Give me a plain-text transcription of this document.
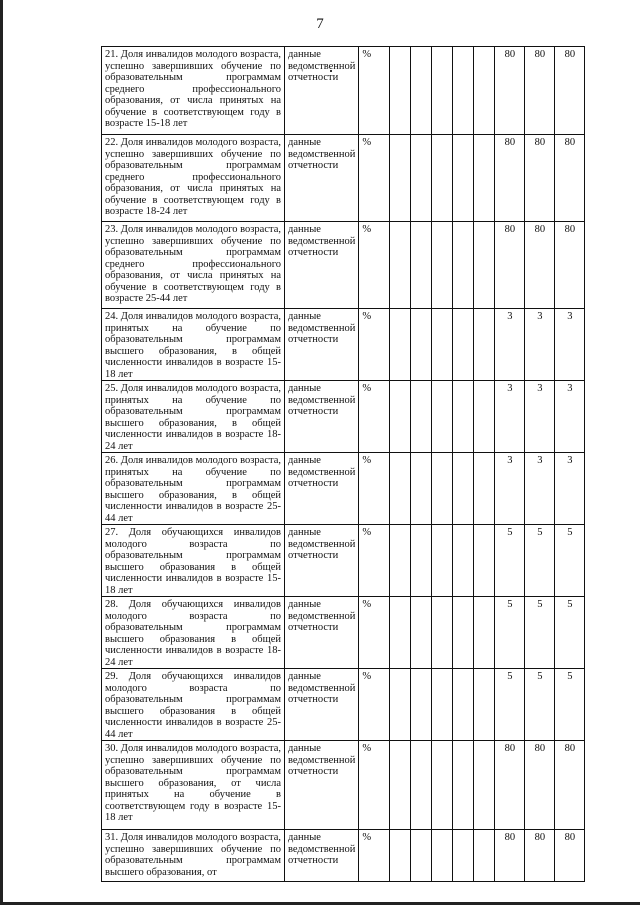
7
21. Доля инвалидов молодого возраста, успешно завершивших обучение по образовательным программам среднего профессионального образования, от числа принятых на обучение в соответствующем году в возрасте 15-18 лет	данные ведомственной отчетности	%						80	80	80
22. Доля инвалидов молодого возраста, успешно завершивших обучение по образовательным программам среднего профессионального образования, от числа принятых на обучение в соответствующем году в возрасте 18-24 лет	данные ведомственной отчетности	%						80	80	80
23. Доля инвалидов молодого возраста, успешно завершивших обучение по образовательным программам среднего профессионального образования, от числа принятых на обучение в соответствующем году в возрасте 25-44 лет	данные ведомственной отчетности	%						80	80	80
24. Доля инвалидов молодого возраста, принятых на обучение по образовательным программам высшего образования, в общей численности инвалидов в возрасте 15-18 лет	данные ведомственной отчетности	%						3	3	3
25. Доля инвалидов молодого возраста, принятых на обучение по образовательным программам высшего образования, в общей численности инвалидов в возрасте 18-24 лет	данные ведомственной отчетности	%						3	3	3
26. Доля инвалидов молодого возраста, принятых на обучение по образовательным программам высшего образования, в общей численности инвалидов в возрасте 25-44 лет	данные ведомственной отчетности	%						3	3	3
27. Доля обучающихся инвалидов молодого возраста по образовательным программам высшего образования в общей численности инвалидов в возрасте 15-18 лет	данные ведомственной отчетности	%						5	5	5
28. Доля обучающихся инвалидов молодого возраста по образовательным программам высшего образования в общей численности инвалидов в возрасте 18-24 лет	данные ведомственной отчетности	%						5	5	5
29. Доля обучающихся инвалидов молодого возраста по образовательным программам высшего образования в общей численности инвалидов в возрасте 25-44 лет	данные ведомственной отчетности	%						5	5	5
30. Доля инвалидов молодого возраста, успешно завершивших обучение по образовательным программам высшего образования, от числа принятых на обучение в соответствующем году в возрасте 15-18 лет	данные ведомственной отчетности	%						80	80	80
31. Доля инвалидов молодого возраста, успешно завершивших обучение по образовательным программам высшего образования, от	данные ведомственной отчетности	%						80	80	80
